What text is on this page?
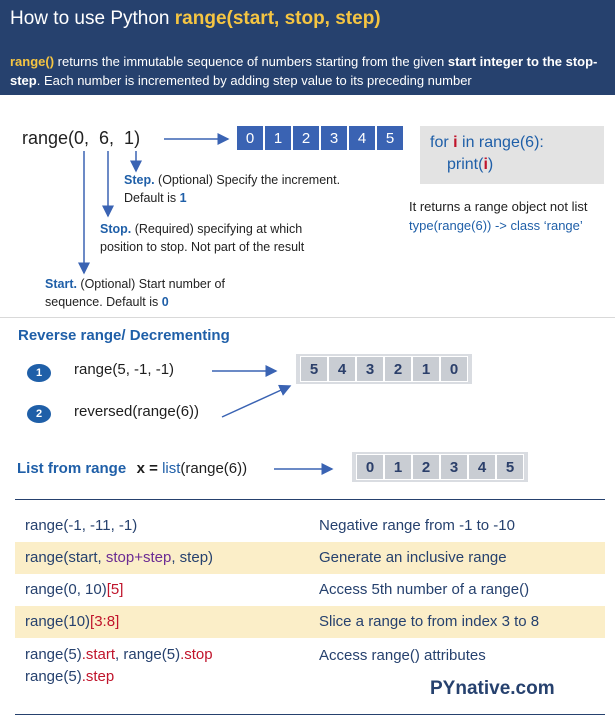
How to use Python range(start, stop, step)
range() returns the immutable sequence of numbers starting from the given start integer to the stop-step. Each number is incremented by adding step value to its preceding number
range(0,  6,  1)	0	1	2	3	4	5
Step. (Optional) Specify the increment.
Default is 1
Stop. (Required) specifying at which
position to stop. Not part of the result
Start. (Optional) Start number of
sequence. Default is 0
for i in range(6):
print(i)
It returns a range object not list
type(range(6)) -> class ‘range’
Reverse range/ Decrementing
1	range(5, -1, -1)
2	reversed(range(6))
5	4	3	2	1	0
List from range x = list(range(6))	0	1	2	3	4	5
range(-1, -11, -1)	Negative range from -1 to -10
range(start, stop+step, step)	Generate an inclusive range
range(0, 10)[5]	Access 5th number of a range()
range(10)[3:8]	Slice a range to from index 3 to 8
range(5).start, range(5).stop
range(5).step
Access range() attributes
PYnative.com
